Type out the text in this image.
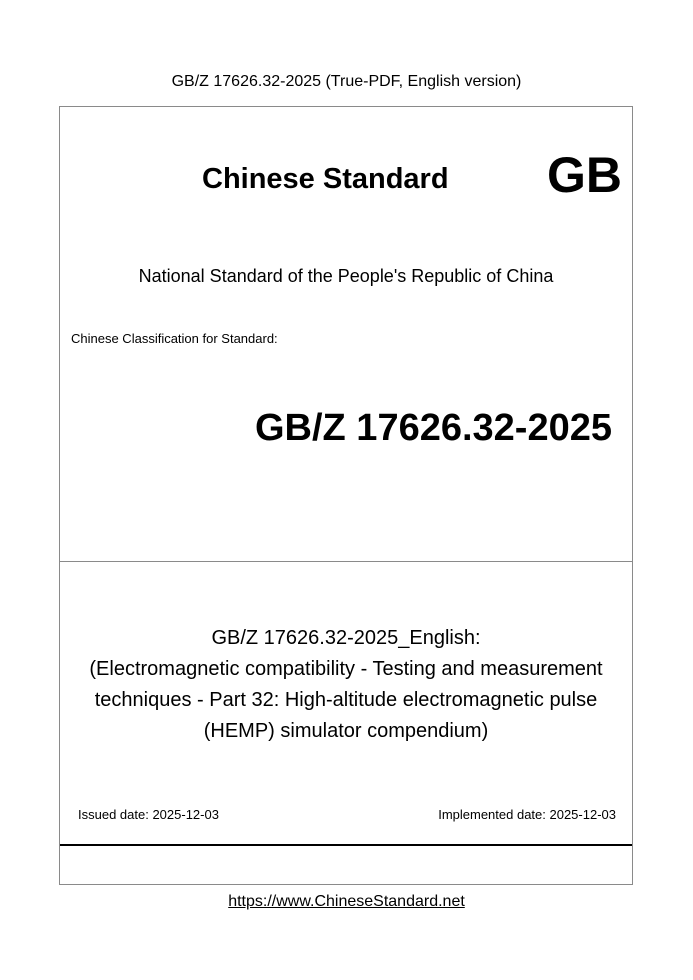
GB/Z 17626.32-2025 (True-PDF, English version)
Chinese Standard GB
National Standard of the People's Republic of China
Chinese Classification for Standard:
GB/Z 17626.32-2025
GB/Z 17626.32-2025_English:
(Electromagnetic compatibility - Testing and measurement
techniques - Part 32: High-altitude electromagnetic pulse
(HEMP) simulator compendium)
Issued date: 2025-12-03	Implemented date: 2025-12-03
https://www.ChineseStandard.net
